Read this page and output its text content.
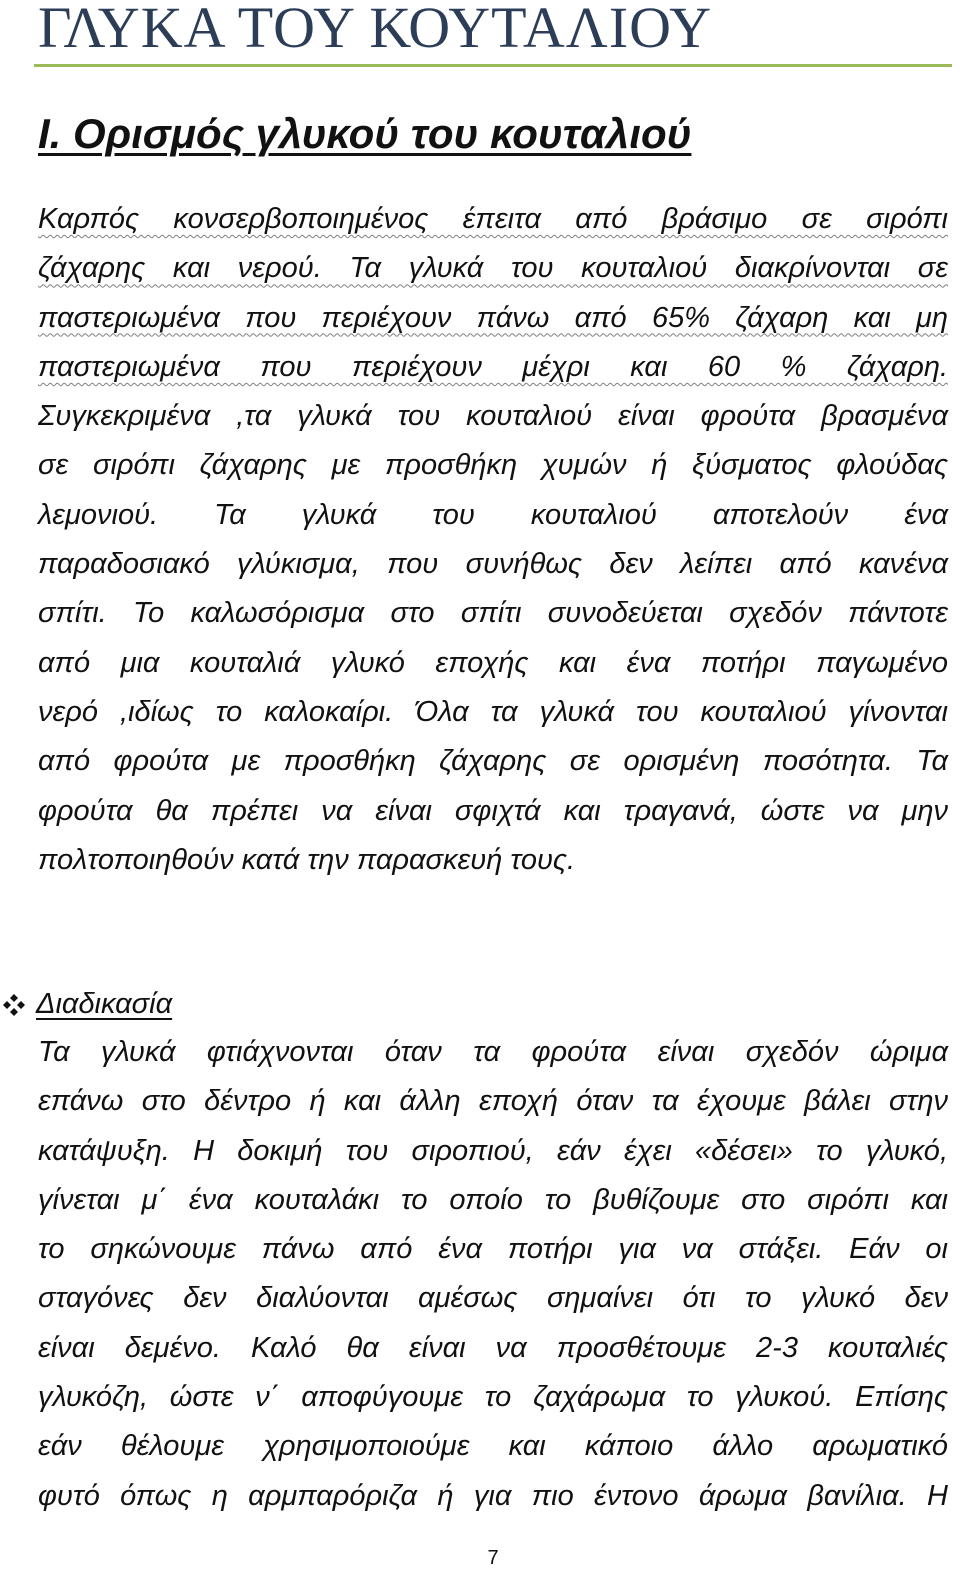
ΓΛΥΚΑ ΤΟΥ ΚΟΥΤΑΛΙΟΥ
I. Ορισμός γλυκού του κουταλιού
Καρπός κονσερβοποιημένος έπειτα από βράσιμο σε σιρόπι
ζάχαρης και νερού. Τα γλυκά του κουταλιού διακρίνονται σε
παστεριωμένα που περιέχουν πάνω από 65% ζάχαρη και μη
παστεριωμένα που περιέχουν μέχρι και 60 % ζάχαρη.
Συγκεκριμένα ,τα γλυκά του κουταλιού είναι φρούτα βρασμένα
σε σιρόπι ζάχαρης με προσθήκη χυμών ή ξύσματος φλούδας
λεμονιού. Τα γλυκά του κουταλιού αποτελούν ένα
παραδοσιακό γλύκισμα, που συνήθως δεν λείπει από κανένα
σπίτι. Το καλωσόρισμα στο σπίτι συνοδεύεται σχεδόν πάντοτε
από μια κουταλιά γλυκό εποχής και ένα ποτήρι παγωμένο
νερό ,ιδίως το καλοκαίρι. Όλα τα γλυκά του κουταλιού γίνονται
από φρούτα με προσθήκη ζάχαρης σε ορισμένη ποσότητα. Τα
φρούτα θα πρέπει να είναι σφιχτά και τραγανά, ώστε να μην
πολτοποιηθούν κατά την παρασκευή τους.
Διαδικασία
Τα γλυκά φτιάχνονται όταν τα φρούτα είναι σχεδόν ώριμα
επάνω στο δέντρο ή και άλλη εποχή όταν τα έχουμε βάλει στην
κατάψυξη. Η δοκιμή του σιροπιού, εάν έχει «δέσει» το γλυκό,
γίνεται μ΄ ένα κουταλάκι το οποίο το βυθίζουμε στο σιρόπι και
το σηκώνουμε πάνω από ένα ποτήρι για να στάξει. Εάν οι
σταγόνες δεν διαλύονται αμέσως σημαίνει ότι το γλυκό δεν
είναι δεμένο. Καλό θα είναι να προσθέτουμε 2-3 κουταλιές
γλυκόζη, ώστε ν΄ αποφύγουμε το ζαχάρωμα το γλυκού. Επίσης
εάν θέλουμε χρησιμοποιούμε και κάποιο άλλο αρωματικό
φυτό όπως η αρμπαρόριζα ή για πιο έντονο άρωμα βανίλια. Η
7
